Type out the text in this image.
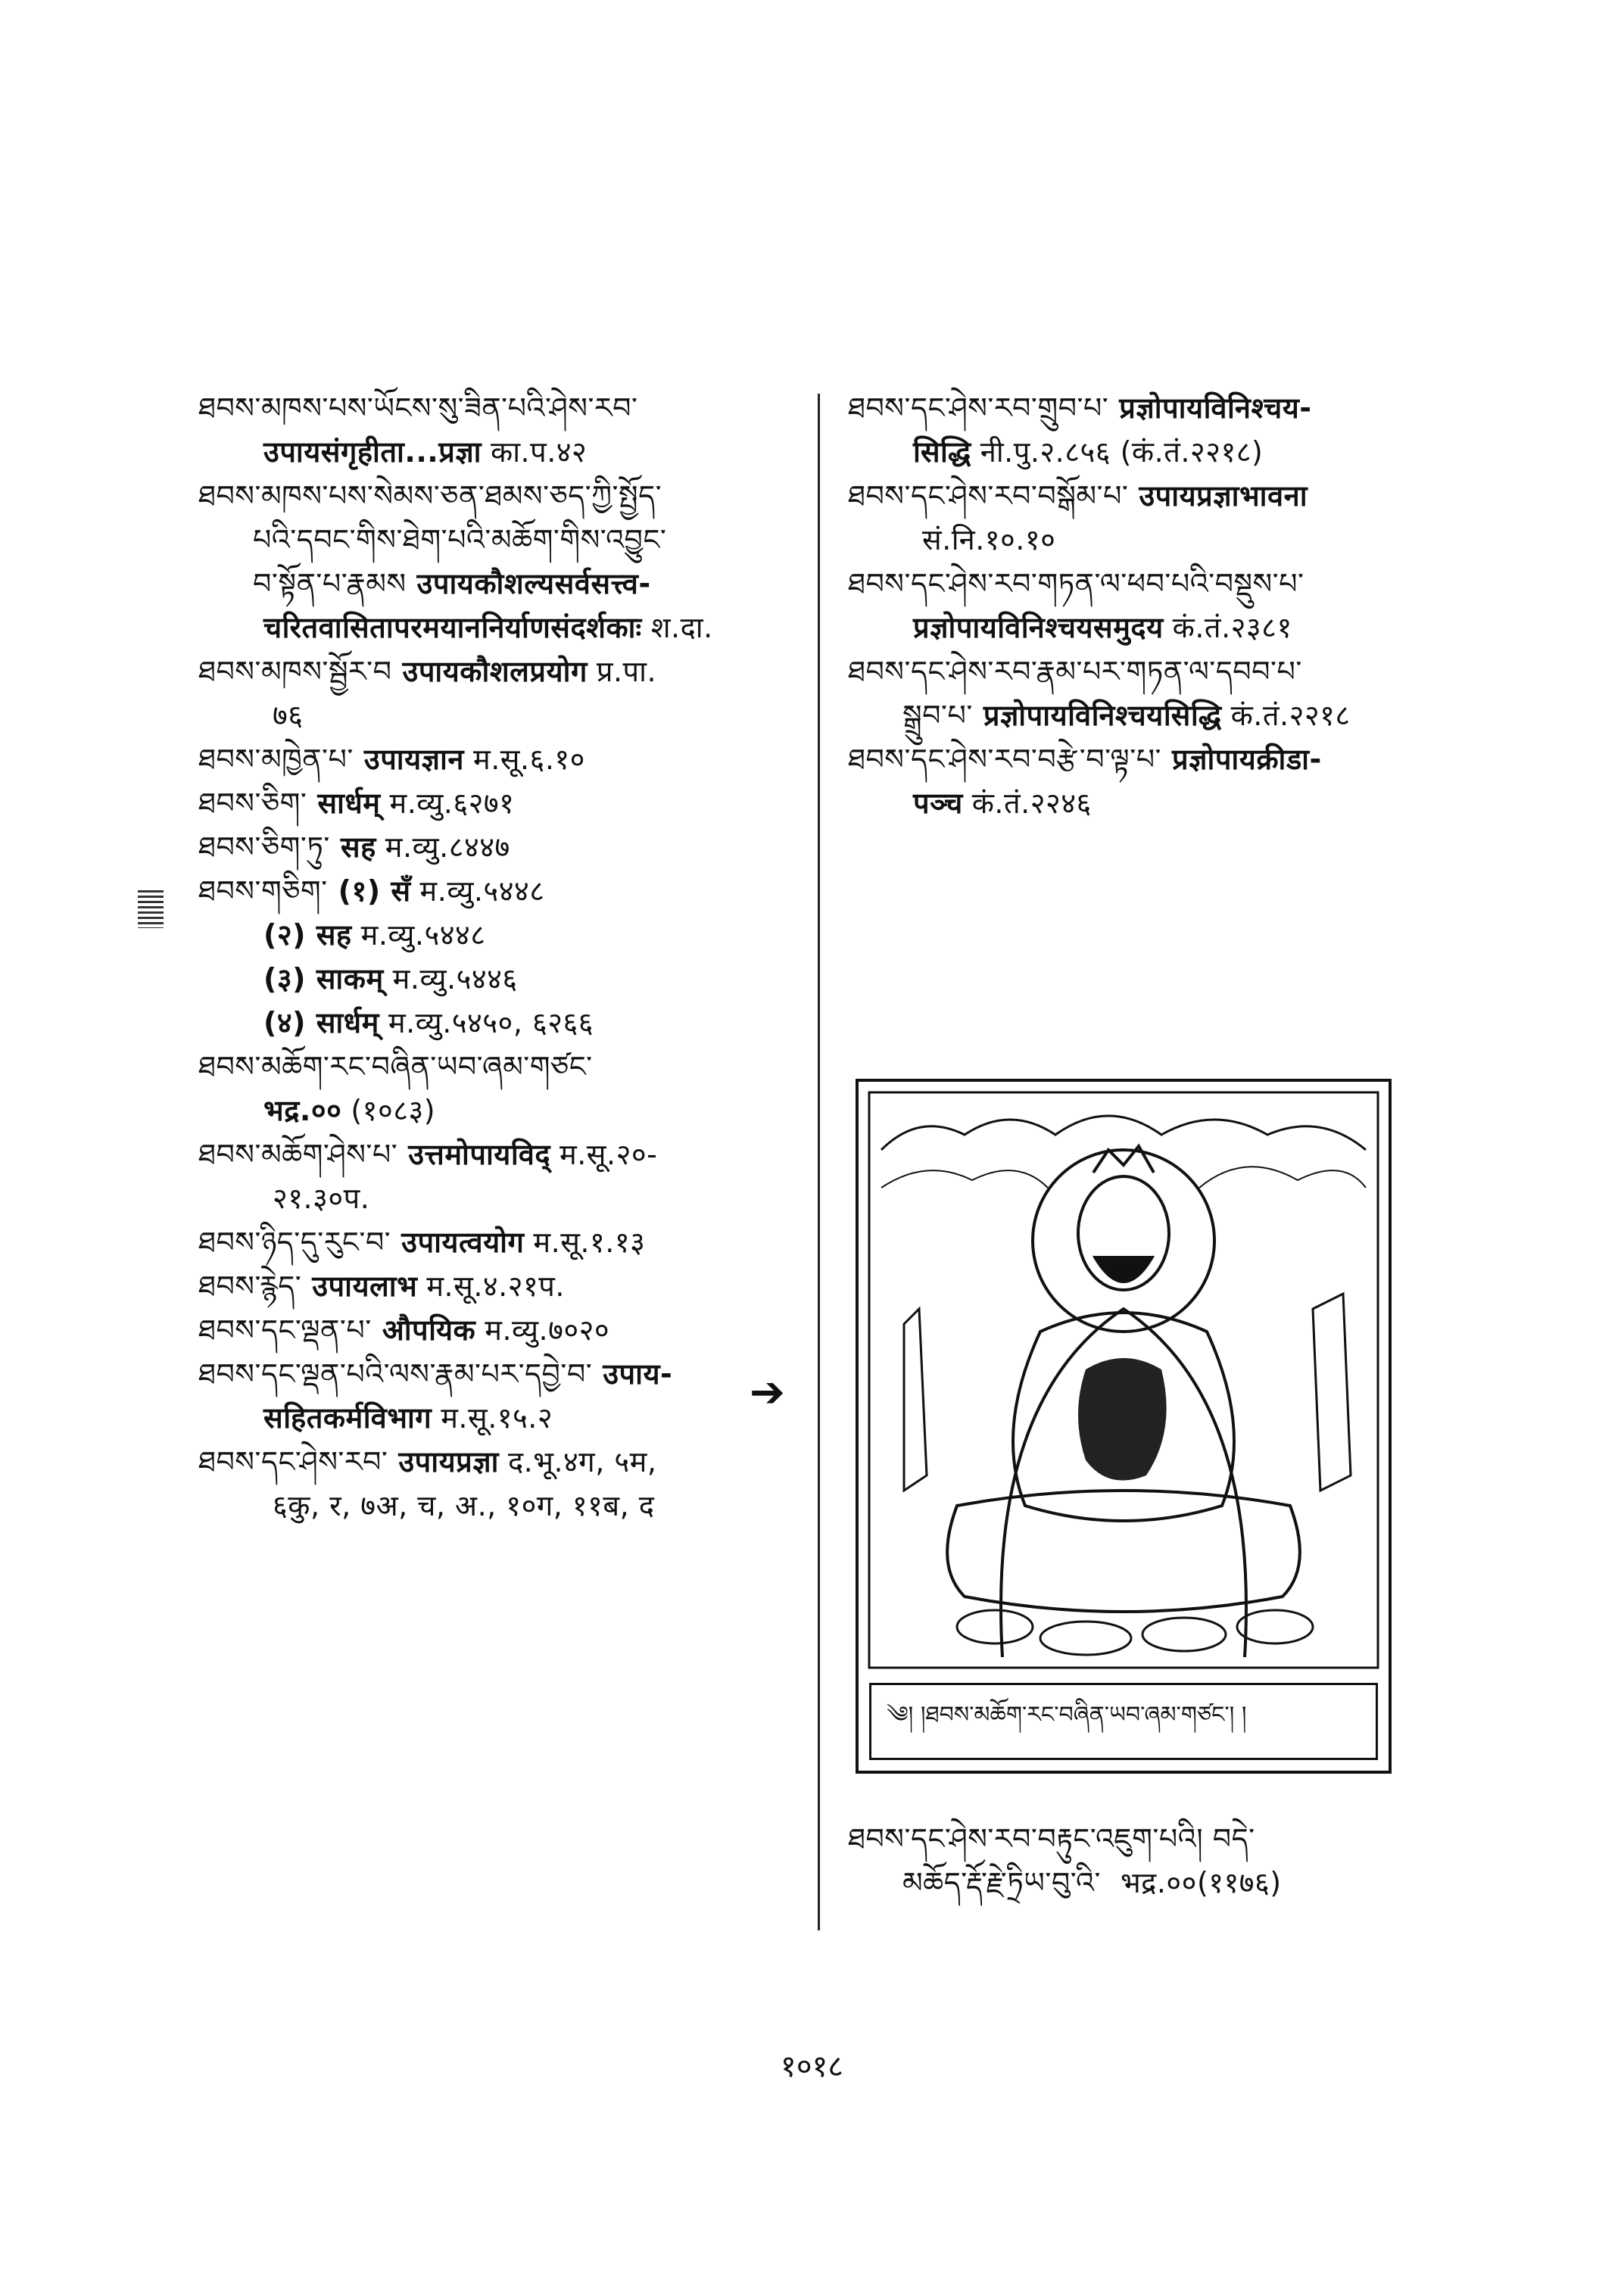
ཐབས་མཁས་པས་ཡོངས་སུ་ཟིན་པའི་ཤེས་རབ་
उपायसंगृहीता...प्रज्ञा का.प.४२
ཐབས་མཁས་པས་སེམས་ཅན་ཐམས་ཅད་ཀྱི་སྤྱོད་
པའི་དབང་གིས་ཐེག་པའི་མཆོག་གིས་འབྱུང་
བ་སྟོན་པ་རྣམས उपायकौशल्यसर्वसत्त्व-
चरितवासितापरमयाननिर्याणसंदर्शकाः श.दा.
ཐབས་མཁས་སྦྱོར་བ उपायकौशलप्रयोग प्र.पा.
७६
ཐབས་མཁྱེན་པ་ उपायज्ञान म.सू.६.१०
ཐབས་ཅིག་ सार्धम् म.व्यु.६२७१
ཐབས་ཅིག་ཏུ་ सह म.व्यु.८४४७
ཐབས་གཅིག་ (१) सँ म.व्यु.५४४८
(२) सह म.व्यु.५४४८
(३) साकम् म.व्यु.५४४६
(४) सार्धम् म.व्यु.५४५०, ६२६६
ཐབས་མཆོག་རང་བཞིན་ཡབ་ཞམ་གཙང་
भद्र.०० (१०८३)
ཐབས་མཆོག་ཤེས་པ་ उत्तमोपायविद् म.सू.२०-
२१.३०प.
ཐབས་ཉིད་དུ་རུང་བ་ उपायत्वयोग म.सू.१.१३
ཐབས་རྙེད་ उपायलाभ म.सू.४.२१प.
ཐབས་དང་ལྡན་པ་ औपयिक म.व्यु.७०२०
ཐབས་དང་ལྡན་པའི་ལས་རྣམ་པར་དབྱེ་བ་ उपाय-
सहितकर्मविभाग म.सू.१५.२
ཐབས་དང་ཤེས་རབ་ उपायप्रज्ञा द.भू.४ग, ५म,
६कु, र, ७अ, च, अ., १०ग, ११ब, द
ཐབས་དང་ཤེས་རབ་གྲུབ་པ་ प्रज्ञोपायविनिश्चय-
सिद्धि नी.पु.२.८५६ (कं.तं.२२१८)
ཐབས་དང་ཤེས་རབ་བསྒོམ་པ་ उपायप्रज्ञाभावना
सं.नि.१०.१०
ཐབས་དང་ཤེས་རབ་གཏན་ལ་ཕབ་པའི་བསྡུས་པ་
प्रज्ञोपायविनिश्चयसमुदय कं.तं.२३८१
ཐབས་དང་ཤེས་རབ་རྣམ་པར་གཏན་ལ་དབབ་པ་
སྒྲུབ་པ་ प्रज्ञोपायविनिश्चयसिद्धि कं.तं.२२१८
ཐབས་དང་ཤེས་རབ་བརྩེ་བ་ལྟ་པ་ प्रज्ञोपायक्रीडा-
पञ्च कं.तं.२२४६
➔
༄། །ཐབས་མཆོག་རང་བཞིན་ཡབ་ཞམ་གཙང་། །
ཐབས་དང་ཤེས་རབ་བརྟུང་འཇུག་པའི། བདེ་
མཆོད་རྡོ་རྗེ་ཏྲིཡ་བུ་འི་ भद्र.००(११७६)
१०१८
